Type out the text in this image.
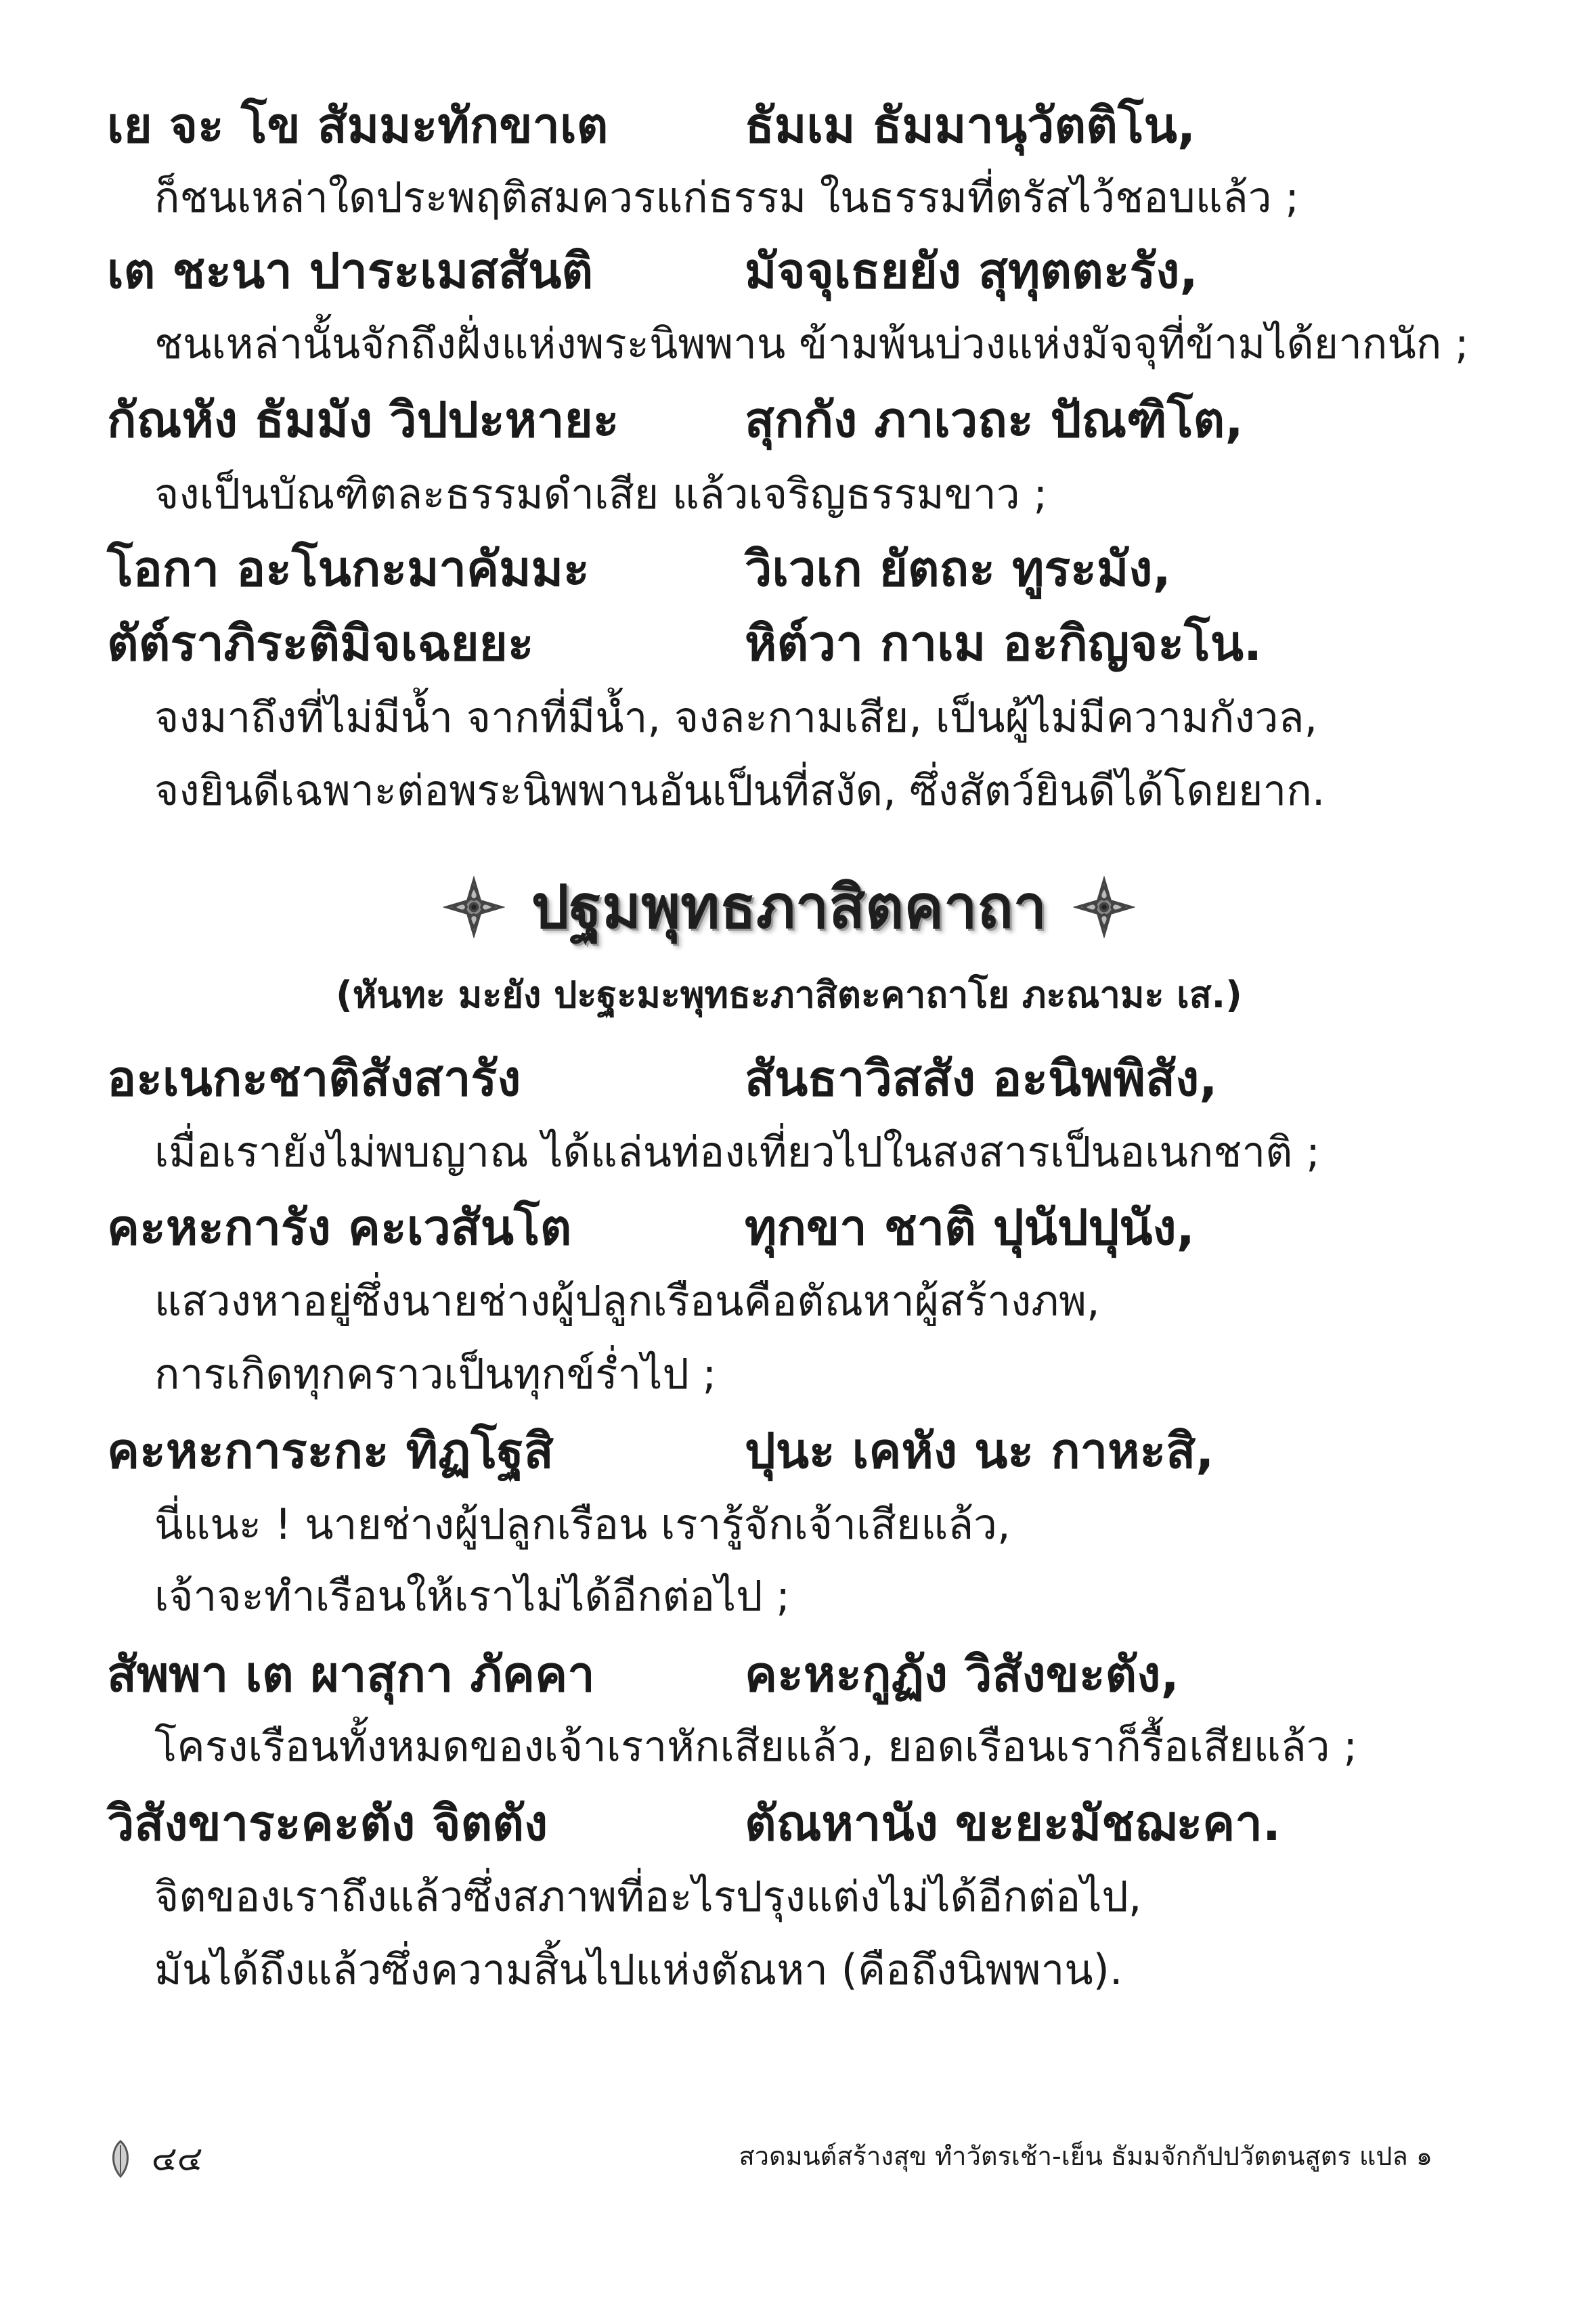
เย จะ โข สัมมะทักขาเต	ธัมเม ธัมมานุวัตติโน,
ก็ชนเหล่าใดประพฤติสมควรแก่ธรรม ในธรรมที่ตรัสไว้ชอบแล้ว ;
เต ชะนา ปาระเมสสันติ	มัจจุเธยยัง สุทุตตะรัง,
ชนเหล่านั้นจักถึงฝั่งแห่งพระนิพพาน ข้ามพ้นบ่วงแห่งมัจจุที่ข้ามได้ยากนัก ;
กัณหัง ธัมมัง วิปปะหายะ	สุกกัง ภาเวถะ ปัณฑิโต,
จงเป็นบัณฑิตละธรรมดำเสีย แล้วเจริญธรรมขาว ;
โอกา อะโนกะมาคัมมะ	วิเวเก ยัตถะ ทูระมัง,
ตัต์ราภิระติมิจเฉยยะ	หิต์วา กาเม อะกิญจะโน.
จงมาถึงที่ไม่มีน้ำ จากที่มีน้ำ, จงละกามเสีย, เป็นผู้ไม่มีความกังวล,
จงยินดีเฉพาะต่อพระนิพพานอันเป็นที่สงัด, ซึ่งสัตว์ยินดีได้โดยยาก.
ปฐมพุทธภาสิตคาถา
(หันทะ มะยัง ปะฐะมะพุทธะภาสิตะคาถาโย ภะณามะ เส.)
อะเนกะชาติสังสารัง	สันธาวิสสัง อะนิพพิสัง,
เมื่อเรายังไม่พบญาณ ได้แล่นท่องเที่ยวไปในสงสารเป็นอเนกชาติ ;
คะหะการัง คะเวสันโต	ทุกขา ชาติ ปุนัปปุนัง,
แสวงหาอยู่ซึ่งนายช่างผู้ปลูกเรือนคือตัณหาผู้สร้างภพ,
การเกิดทุกคราวเป็นทุกข์ร่ำไป ;
คะหะการะกะ ทิฏโฐสิ	ปุนะ เคหัง นะ กาหะสิ,
นี่แนะ ! นายช่างผู้ปลูกเรือน เรารู้จักเจ้าเสียแล้ว,
เจ้าจะทำเรือนให้เราไม่ได้อีกต่อไป ;
สัพพา เต ผาสุกา ภัคคา	คะหะกูฏัง วิสังขะตัง,
โครงเรือนทั้งหมดของเจ้าเราหักเสียแล้ว, ยอดเรือนเราก็รื้อเสียแล้ว ;
วิสังขาระคะตัง จิตตัง	ตัณหานัง ขะยะมัชฌะคา.
จิตของเราถึงแล้วซึ่งสภาพที่อะไรปรุงแต่งไม่ได้อีกต่อไป,
มันได้ถึงแล้วซึ่งความสิ้นไปแห่งตัณหา (คือถึงนิพพาน).
๔๔	สวดมนต์สร้างสุข ทำวัตรเช้า-เย็น ธัมมจักกัปปวัตตนสูตร แปล ๑
